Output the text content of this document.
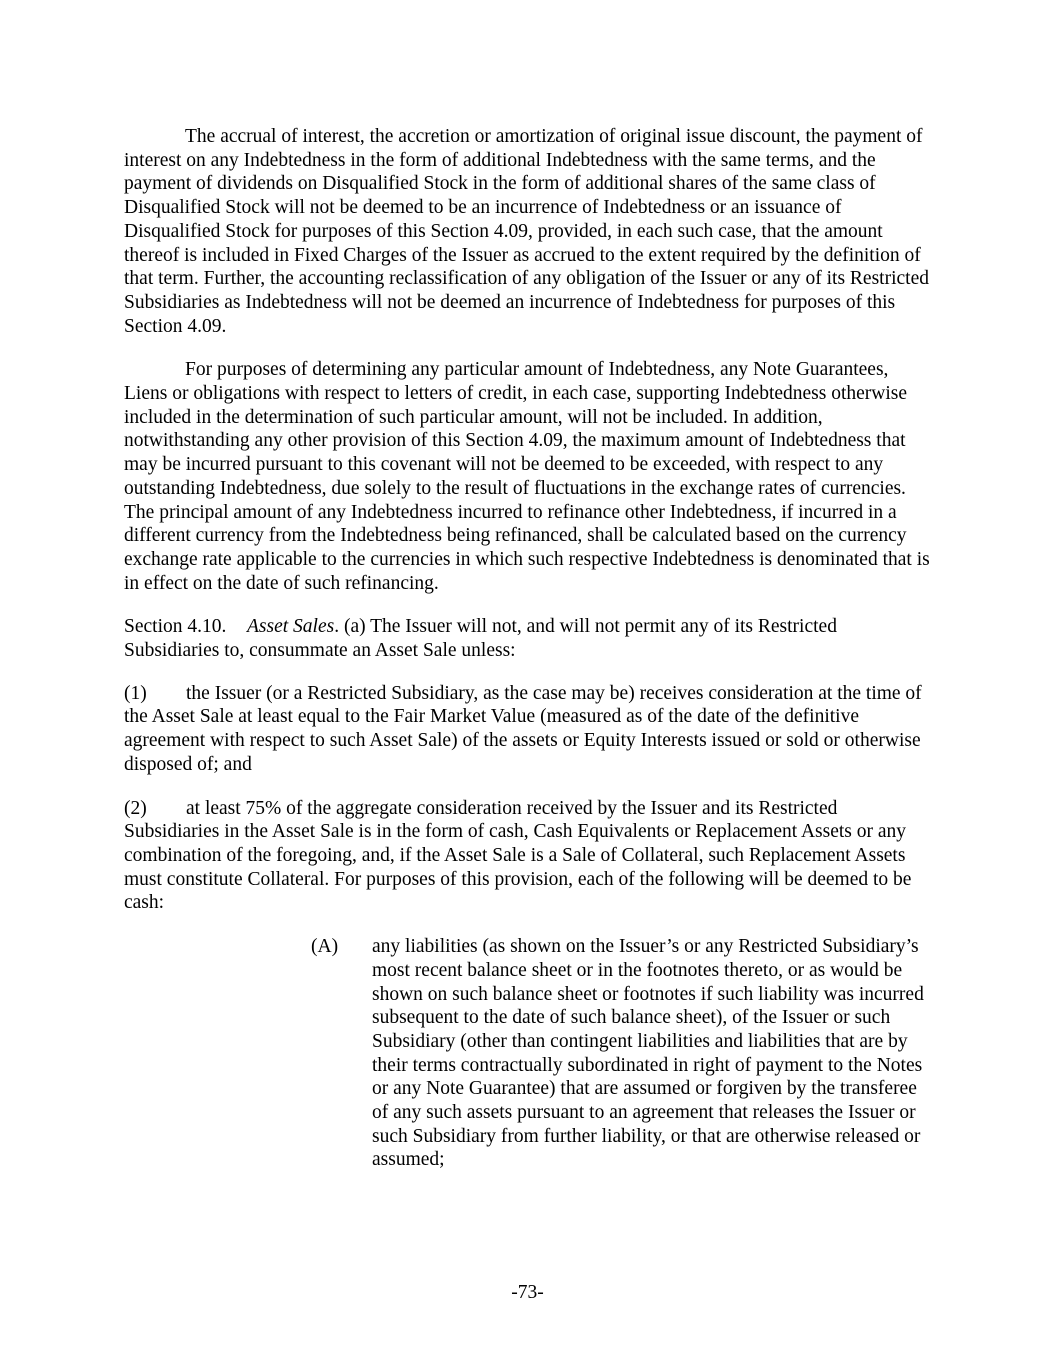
The accrual of interest, the accretion or amortization of original issue discount, the payment of interest on any Indebtedness in the form of additional Indebtedness with the same terms, and the payment of dividends on Disqualified Stock in the form of additional shares of the same class of Disqualified Stock will not be deemed to be an incurrence of Indebtedness or an issuance of Disqualified Stock for purposes of this Section 4.09, provided, in each such case, that the amount thereof is included in Fixed Charges of the Issuer as accrued to the extent required by the definition of that term. Further, the accounting reclassification of any obligation of the Issuer or any of its Restricted Subsidiaries as Indebtedness will not be deemed an incurrence of Indebtedness for purposes of this Section 4.09.

For purposes of determining any particular amount of Indebtedness, any Note Guarantees, Liens or obligations with respect to letters of credit, in each case, supporting Indebtedness otherwise included in the determination of such particular amount, will not be included. In addition, notwithstanding any other provision of this Section 4.09, the maximum amount of Indebtedness that may be incurred pursuant to this covenant will not be deemed to be exceeded, with respect to any outstanding Indebtedness, due solely to the result of fluctuations in the exchange rates of currencies. The principal amount of any Indebtedness incurred to refinance other Indebtedness, if incurred in a different currency from the Indebtedness being refinanced, shall be calculated based on the currency exchange rate applicable to the currencies in which such respective Indebtedness is denominated that is in effect on the date of such refinancing.

Section 4.10. Asset Sales. (a) The Issuer will not, and will not permit any of its Restricted Subsidiaries to, consummate an Asset Sale unless:

(1) the Issuer (or a Restricted Subsidiary, as the case may be) receives consideration at the time of the Asset Sale at least equal to the Fair Market Value (measured as of the date of the definitive agreement with respect to such Asset Sale) of the assets or Equity Interests issued or sold or otherwise disposed of; and

(2) at least 75% of the aggregate consideration received by the Issuer and its Restricted Subsidiaries in the Asset Sale is in the form of cash, Cash Equivalents or Replacement Assets or any combination of the foregoing, and, if the Asset Sale is a Sale of Collateral, such Replacement Assets must constitute Collateral. For purposes of this provision, each of the following will be deemed to be cash:

(A) any liabilities (as shown on the Issuer’s or any Restricted Subsidiary’s most recent balance sheet or in the footnotes thereto, or as would be shown on such balance sheet or footnotes if such liability was incurred subsequent to the date of such balance sheet), of the Issuer or such Subsidiary (other than contingent liabilities and liabilities that are by their terms contractually subordinated in right of payment to the Notes or any Note Guarantee) that are assumed or forgiven by the transferee of any such assets pursuant to an agreement that releases the Issuer or such Subsidiary from further liability, or that are otherwise released or assumed;
-73-
